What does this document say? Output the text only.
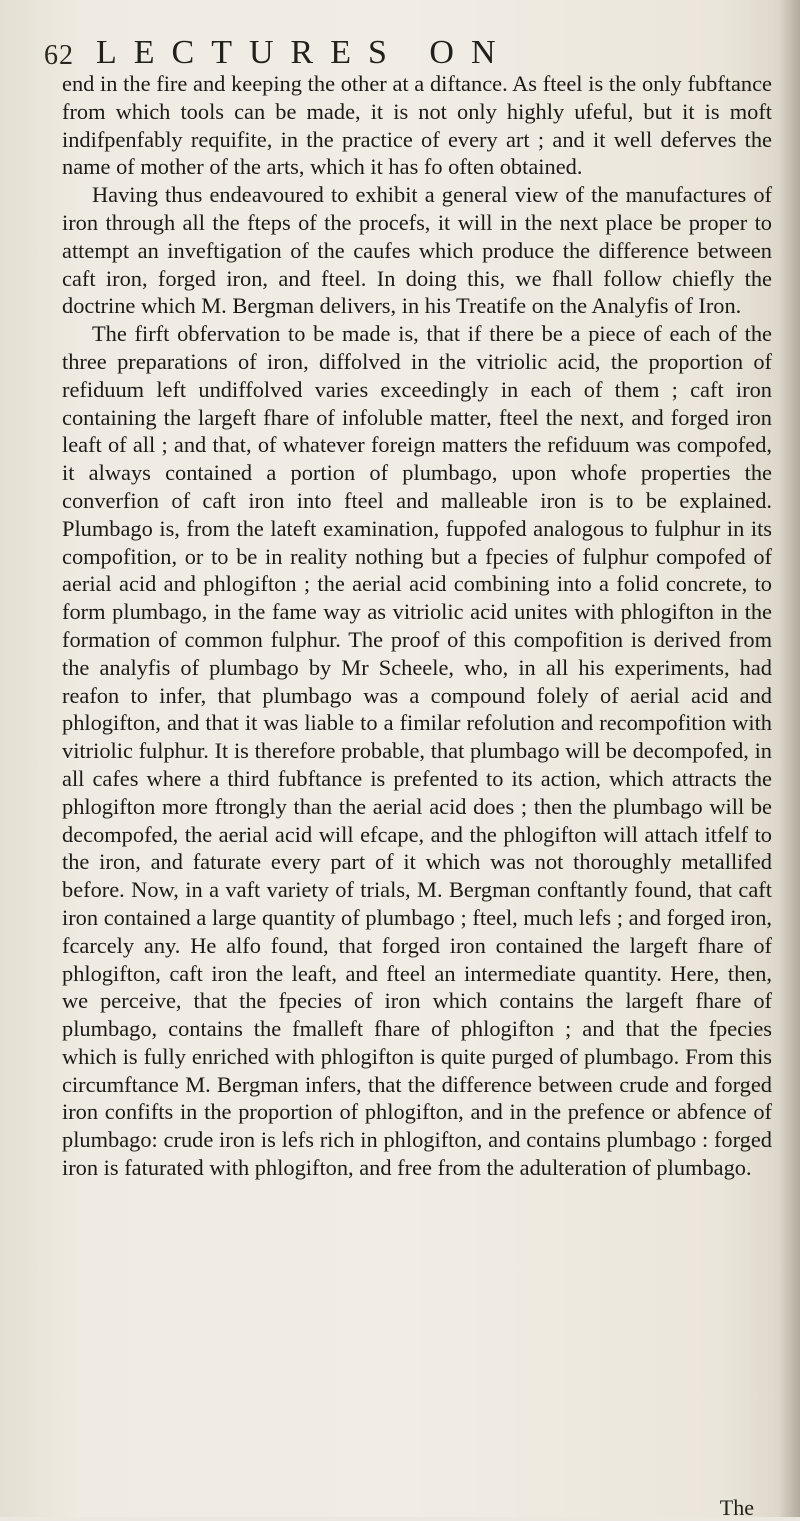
62 LECTURES ON

end in the fire and keeping the other at a diftance. As fteel is the only fubftance from which tools can be made, it is not only highly ufeful, but it is moft indifpenfably requifite, in the practice of every art ; and it well deferves the name of mother of the arts, which it has fo often obtained.

Having thus endeavoured to exhibit a general view of the manufactures of iron through all the fteps of the procefs, it will in the next place be proper to attempt an inveftigation of the caufes which produce the difference between caft iron, forged iron, and fteel. In doing this, we fhall follow chiefly the doctrine which M. Bergman delivers, in his Treatife on the Analyfis of Iron.

The firft obfervation to be made is, that if there be a piece of each of the three preparations of iron, diffolved in the vitriolic acid, the proportion of refiduum left undiffolved varies exceedingly in each of them ; caft iron containing the largeft fhare of infoluble matter, fteel the next, and forged iron leaft of all ; and that, of whatever foreign matters the refiduum was compofed, it always contained a portion of plumbago, upon whofe properties the converfion of caft iron into fteel and malleable iron is to be explained. Plumbago is, from the lateft examination, fuppofed analogous to fulphur in its compofition, or to be in reality nothing but a fpecies of fulphur compofed of aerial acid and phlogifton ; the aerial acid combining into a folid concrete, to form plumbago, in the fame way as vitriolic acid unites with phlogifton in the formation of common fulphur. The proof of this compofition is derived from the analyfis of plumbago by Mr Scheele, who, in all his experiments, had reafon to infer, that plumbago was a compound folely of aerial acid and phlogifton, and that it was liable to a fimilar refolution and recompofition with vitriolic fulphur. It is therefore probable, that plumbago will be decompofed, in all cafes where a third fubftance is prefented to its action, which attracts the phlogifton more ftrongly than the aerial acid does ; then the plumbago will be decompofed, the aerial acid will efcape, and the phlogifton will attach itfelf to the iron, and faturate every part of it which was not thoroughly metallifed before. Now, in a vaft variety of trials, M. Bergman conftantly found, that caft iron contained a large quantity of plumbago ; fteel, much lefs ; and forged iron, fcarcely any. He alfo found, that forged iron contained the largeft fhare of phlogifton, caft iron the leaft, and fteel an intermediate quantity. Here, then, we perceive, that the fpecies of iron which contains the largeft fhare of plumbago, contains the fmalleft fhare of phlogifton ; and that the fpecies which is fully enriched with phlogifton is quite purged of plumbago. From this circumftance M. Bergman infers, that the difference between crude and forged iron confifts in the proportion of phlogifton, and in the prefence or abfence of plumbago: crude iron is lefs rich in phlogifton, and contains plumbago : forged iron is faturated with phlogifton, and free from the adulteration of plumbago.

The
